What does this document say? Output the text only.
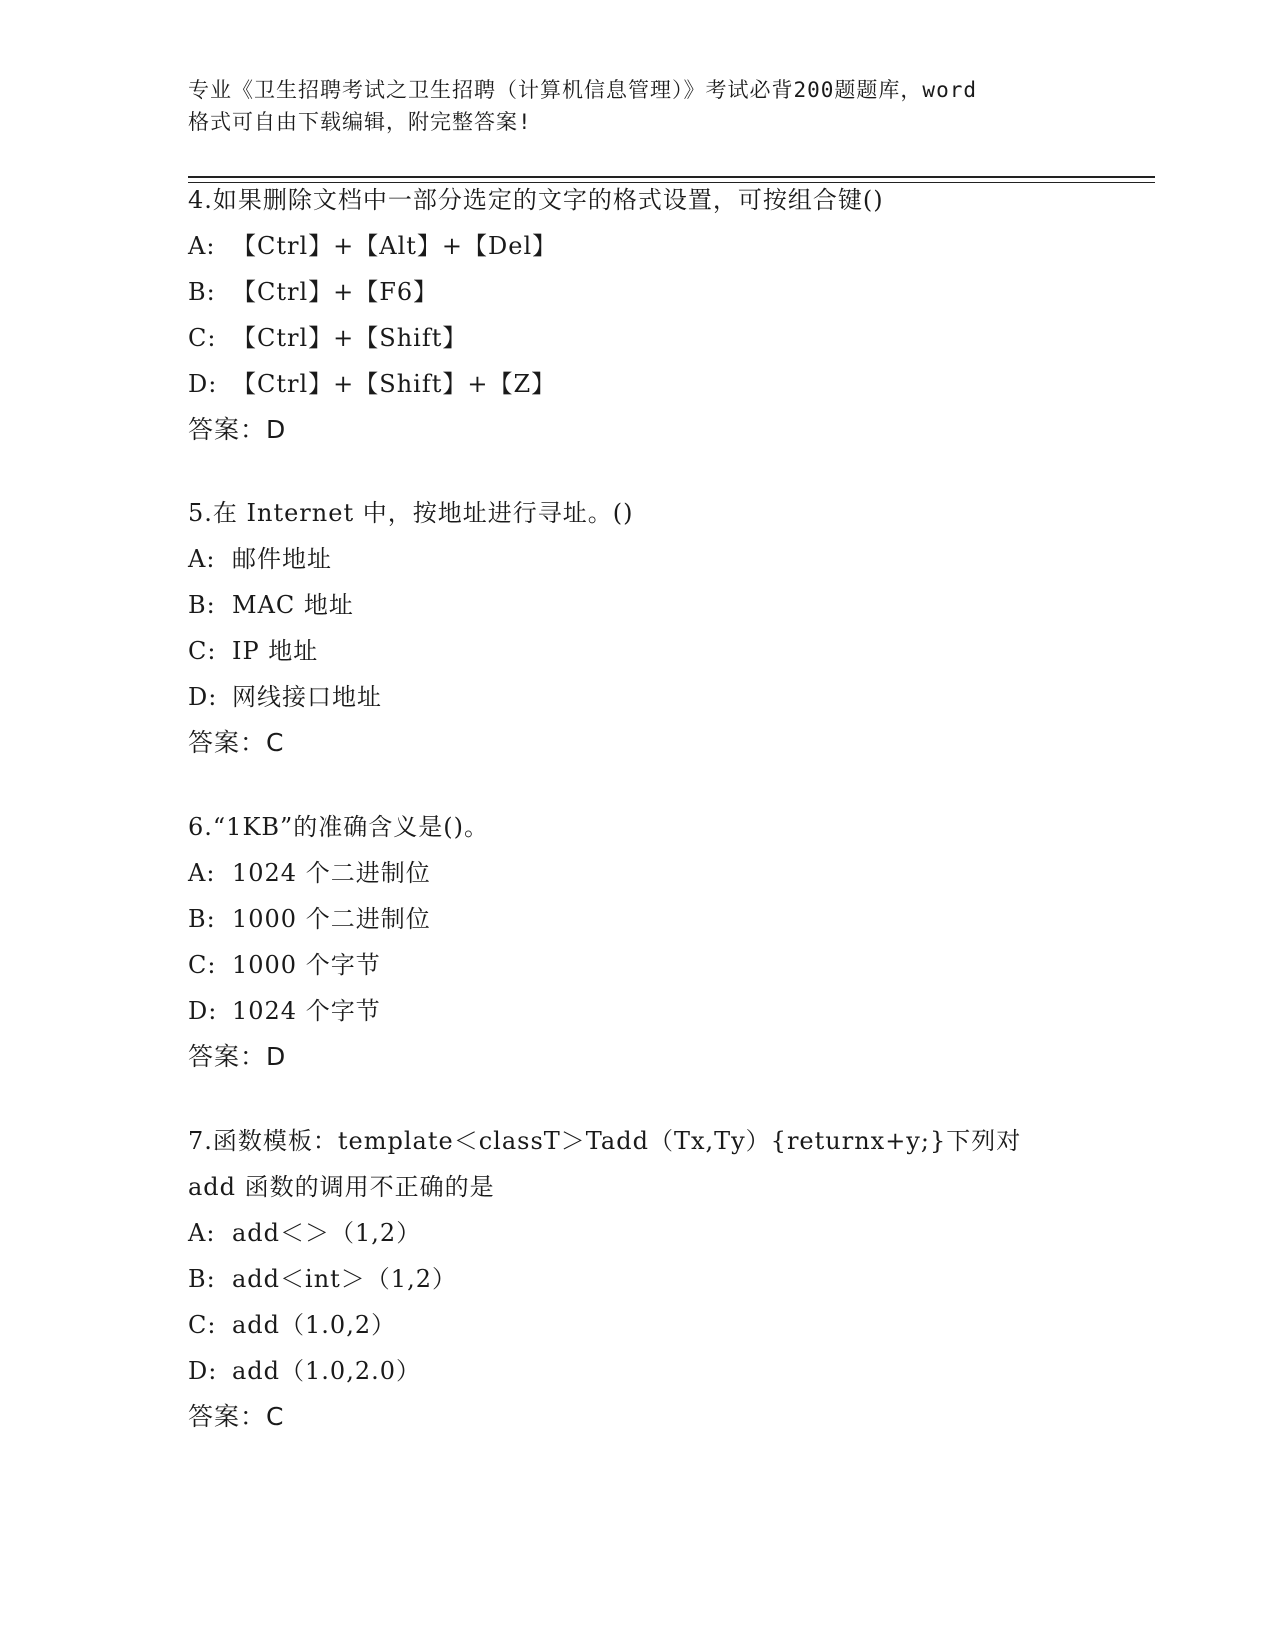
专业《卫生招聘考试之卫生招聘（计算机信息管理）》考试必背200题题库，word
格式可自由下载编辑，附完整答案!
4.如果删除文档中一部分选定的文字的格式设置，可按组合键()
A: 【Ctrl】+【Alt】+【Del】
B: 【Ctrl】+【F6】
C: 【Ctrl】+【Shift】
D: 【Ctrl】+【Shift】+【Z】
答案：D
5.在 Internet 中，按地址进行寻址。()
A: 邮件地址
B: MAC 地址
C: IP 地址
D: 网线接口地址
答案：C
6.“1KB”的准确含义是()。
A: 1024 个二进制位
B: 1000 个二进制位
C: 1000 个字节
D: 1024 个字节
答案：D
7.函数模板：template＜classT＞Tadd（Tx,Ty）{returnx+y;}下列对
add 函数的调用不正确的是
A: add＜＞（1,2）
B: add＜int＞（1,2）
C: add（1.0,2）
D: add（1.0,2.0）
答案：C
